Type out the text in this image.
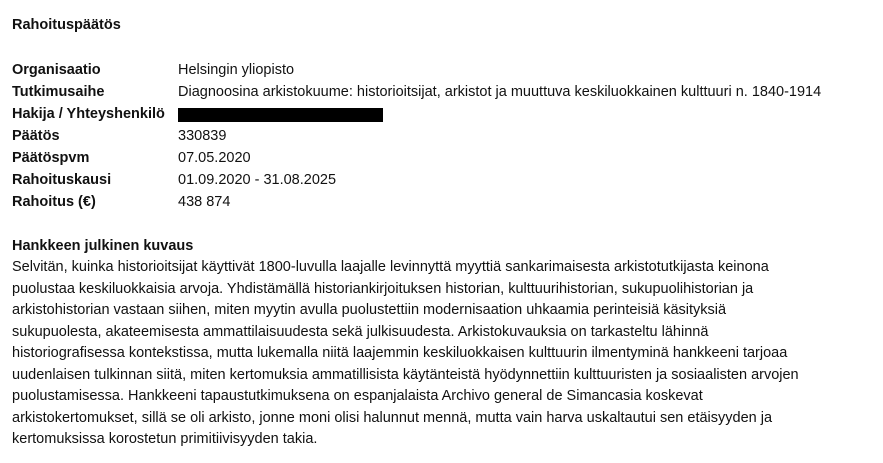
Rahoituspäätös
Organisaatio	Helsingin yliopisto
Tutkimusaihe	Diagnoosina arkistokuume: historioitsijat, arkistot ja muuttuva keskiluokkainen kulttuuri n. 1840-1914
Hakija / Yhteyshenkilö
Päätös	330839
Päätöspvm	07.05.2020
Rahoituskausi	01.09.2020 - 31.08.2025
Rahoitus (€)	438 874
Hankkeen julkinen kuvaus

Selvitän, kuinka historioitsijat käyttivät 1800-luvulla laajalle levinnyttä myyttiä sankarimaisesta arkistotutkijasta keinona

puolustaa keskiluokkaisia arvoja. Yhdistämällä historiankirjoituksen historian, kulttuurihistorian, sukupuolihistorian ja

arkistohistorian vastaan siihen, miten myytin avulla puolustettiin modernisaation uhkaamia perinteisiä käsityksiä

sukupuolesta, akateemisesta ammattilaisuudesta sekä julkisuudesta. Arkistokuvauksia on tarkasteltu lähinnä

historiografisessa kontekstissa, mutta lukemalla niitä laajemmin keskiluokkaisen kulttuurin ilmentyminä hankkeeni tarjoaa

uudenlaisen tulkinnan siitä, miten kertomuksia ammatillisista käytänteistä hyödynnettiin kulttuuristen ja sosiaalisten arvojen

puolustamisessa. Hankkeeni tapaustutkimuksena on espanjalaista Archivo general de Simancasia koskevat

arkistokertomukset, sillä se oli arkisto, jonne moni olisi halunnut mennä, mutta vain harva uskaltautui sen etäisyyden ja

kertomuksissa korostetun primitiivisyyden takia.
